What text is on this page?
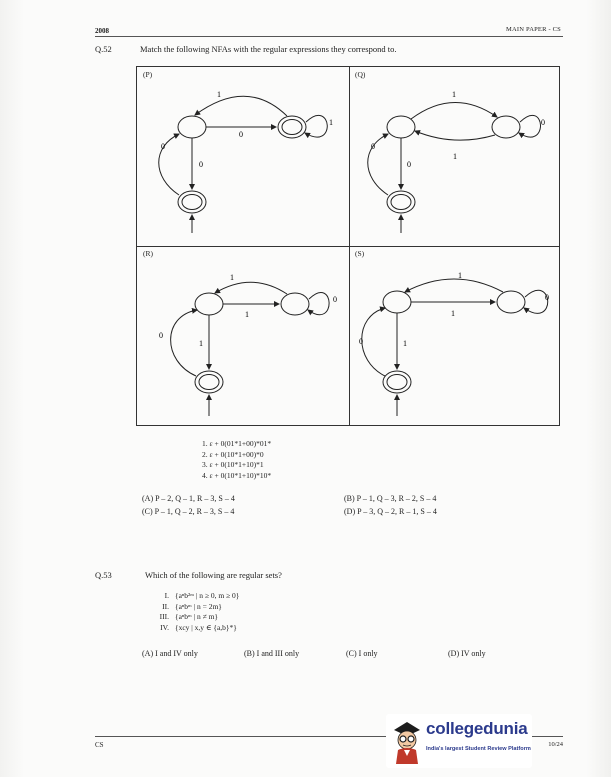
2008	MAIN PAPER - CS
Q.52	Match the following NFAs with the regular expressions they correspond to.
(P)
0
1
1
0
0
(Q)
1
1
0
0
0
(R)
1
1
0
1
0
(S)
1
1
0
1
0
1. ε + 0(01*1+00)*01*
2. ε + 0(10*1+00)*0
3. ε + 0(10*1+10)*1
4. ε + 0(10*1+10)*10*
(A) P – 2, Q – 1, R – 3, S – 4	(B) P – 1, Q – 3, R – 2, S – 4
(C) P – 1, Q – 2, R – 3, S – 4	(D) P – 3, Q – 2, R – 1, S – 4
Q.53	Which of the following are regular sets?
I. {aⁿb²ᵐ | n ≥ 0, m ≥ 0}
II. {aⁿbᵐ | n = 2m}
III. {aⁿbᵐ | n ≠ m}
IV. {xcy | x,y ∈ {a,b}*}
(A) I and IV only	(B) I and III only	(C) I only	(D) IV only
CS	10/24
collegedunia
India's largest Student Review Platform
